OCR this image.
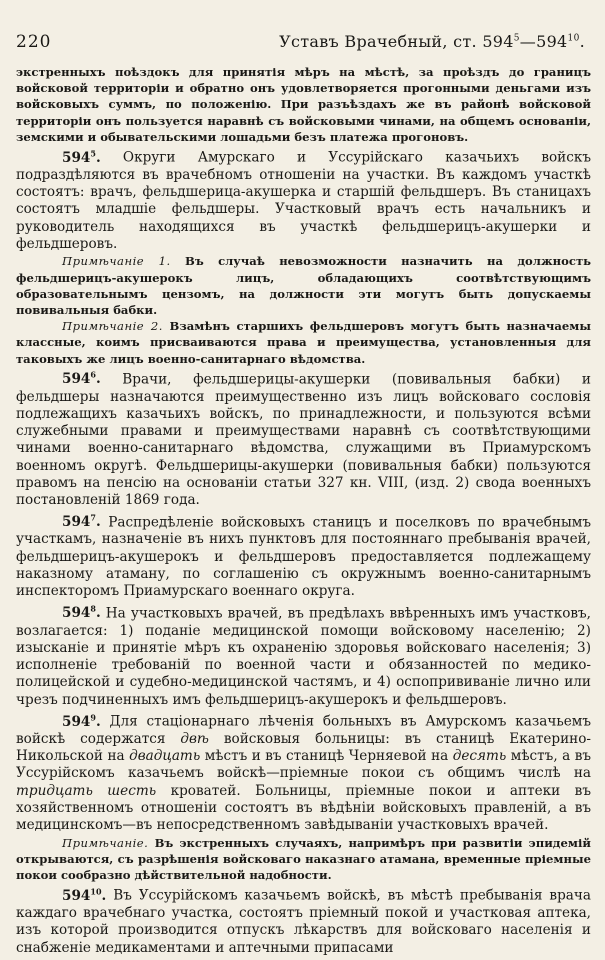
220	Уставъ Врачебный, ст. $594^5—594^{10}$.

экстренныхъ поѣздокъ для принятія мѣръ на мѣстѣ, за проѣздъ до границъ войсковой территоріи и обратно онъ удовлетворяется прогонными деньгами изъ войсковыхъ суммъ, по положенію. При разъѣздахъ же въ районѣ войсковой территоріи онъ пользуется наравнѣ съ войсковыми чинами, на общемъ основаніи, земскими и обывательскими лошадьми безъ платежа прогоновъ.

$594^5$. Округи Амурскаго и Уссурійскаго казачьихъ войскъ подраздѣляются въ врачебномъ отношеніи на участки. Въ каждомъ участкѣ состоятъ: врачъ, фельдшерица-акушерка и старшій фельдшеръ. Въ станицахъ состоятъ младшіе фельдшеры. Участковый врачъ есть начальникъ и руководитель находящихся въ участкѣ фельдшерицъ-акушерки и фельдшеровъ.

Примѣчаніе 1. Въ случаѣ невозможности назначить на должность фельдшерицъ-акушерокъ лицъ, обладающихъ соотвѣтствующимъ образовательнымъ цензомъ, на должности эти могутъ быть допускаемы повивальныя бабки.

Примѣчаніе 2. Взамѣнъ старшихъ фельдшеровъ могутъ быть назначаемы классные, коимъ присваиваются права и преимущества, установленныя для таковыхъ же лицъ военно-санитарнаго вѣдомства.

$594^6$. Врачи, фельдшерицы-акушерки (повивальныя бабки) и фельдшеры назначаются преимущественно изъ лицъ войсковаго сословія подлежащихъ казачьихъ войскъ, по принадлежности, и пользуются всѣми служебными правами и преимуществами наравнѣ съ соотвѣтствующими чинами военно-санитарнаго вѣдомства, служащими въ Приамурскомъ военномъ округѣ. Фельдшерицы-акушерки (повивальныя бабки) пользуются правомъ на пенсію на основаніи статьи 327 кн. VIII, (изд. 2) свода военныхъ постановленій 1869 года.

$594^7$. Распредѣленіе войсковыхъ станицъ и поселковъ по врачебнымъ участкамъ, назначеніе въ нихъ пунктовъ для постояннаго пребыванія врачей, фельдшерицъ-акушерокъ и фельдшеровъ предоставляется подлежащему наказному атаману, по соглашенію съ окружнымъ военно-санитарнымъ инспекторомъ Приамурскаго военнаго округа.

$594^8$. На участковыхъ врачей, въ предѣлахъ ввѣренныхъ имъ участковъ, возлагается: 1) поданіе медицинской помощи войсковому населенію; 2) изысканіе и принятіе мѣръ къ охраненію здоровья войсковаго населенія; 3) исполненіе требованій по военной части и обязанностей по медико-полицейской и судебно-медицинской частямъ, и 4) оспопрививаніе лично или чрезъ подчиненныхъ имъ фельдшерицъ-акушерокъ и фельдшеровъ.

$594^9$. Для стаціонарнаго лѣченія больныхъ въ Амурскомъ казачьемъ войскѣ содержатся двѣ войсковыя больницы: въ станицѣ Екатерино-Никольской на двадцать мѣстъ и въ станицѣ Черняевой на десять мѣстъ, а въ Уссурійскомъ казачьемъ войскѣ—пріемные покои съ общимъ числѣ на тридцать шесть кроватей. Больницы, пріемные покои и аптеки въ хозяйственномъ отношеніи состоятъ въ вѣдѣніи войсковыхъ правленій, а въ медицинскомъ—въ непосредственномъ завѣдываніи участковыхъ врачей.

Примѣчаніе. Въ экстренныхъ случаяхъ, напримѣръ при развитіи эпидемій открываются, съ разрѣшенія войсковаго наказнаго атамана, временные пріемные покои сообразно дѣйствительной надобности.

$594^{10}$. Въ Уссурійскомъ казачьемъ войскѣ, въ мѣстѣ пребыванія врача каждаго врачебнаго участка, состоятъ пріемный покой и участковая аптека, изъ которой производится отпускъ лѣкарствъ для войсковаго населенія и снабженіе медикаментами и аптечными припасами
